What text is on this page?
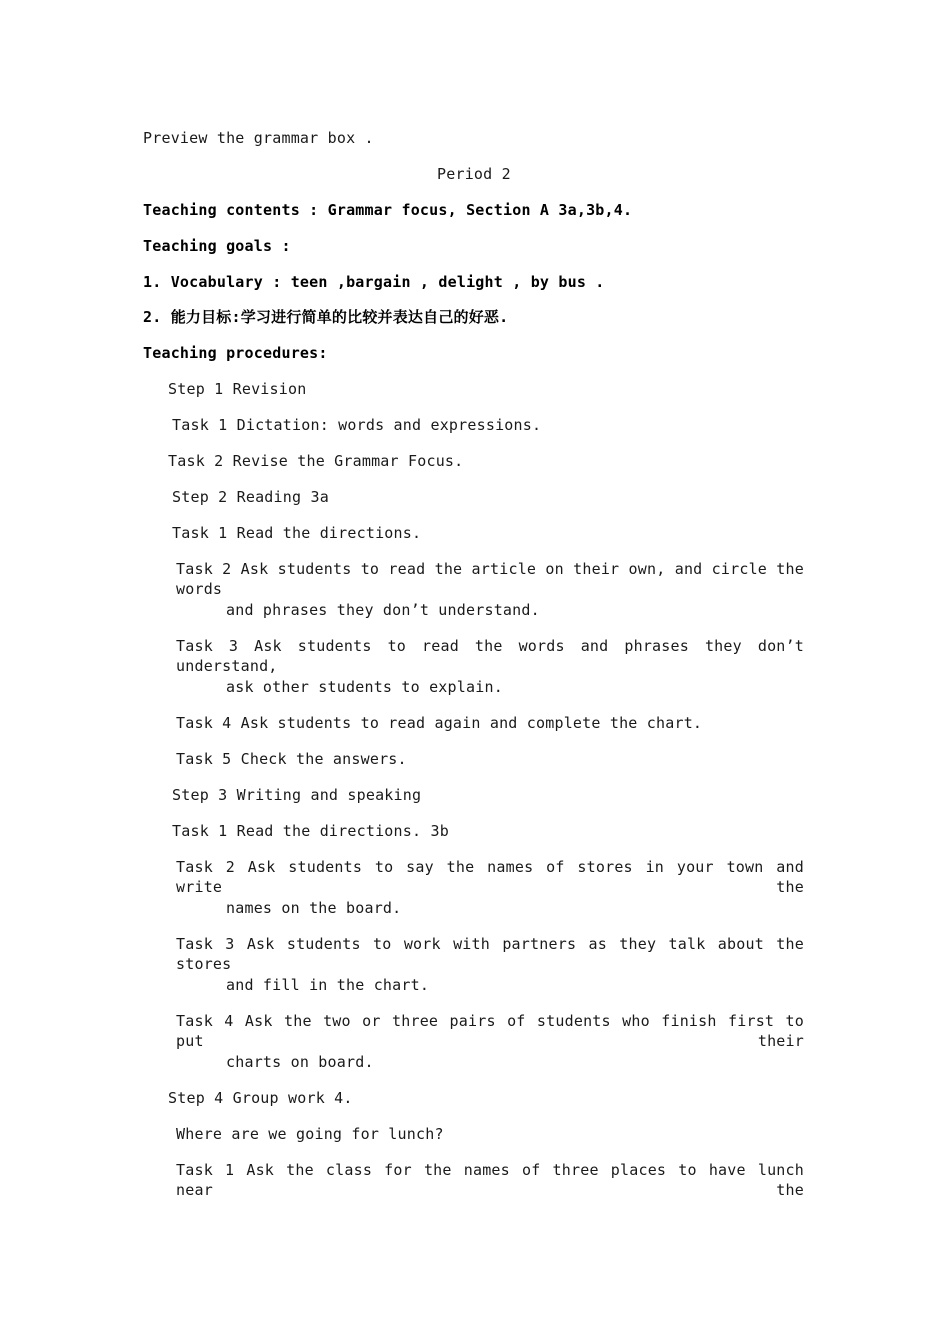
Preview the grammar box .
Period 2
Teaching contents : Grammar focus, Section A 3a,3b,4.
Teaching goals :
1. Vocabulary : teen ,bargain , delight , by bus .
2. 能力目标:学习进行简单的比较并表达自己的好恶.
Teaching procedures:
Step 1 Revision
Task 1 Dictation: words and expressions.
Task 2 Revise the Grammar Focus.
Step 2 Reading 3a
Task 1 Read the directions.
Task 2 Ask students to read the article on their own, and circle the words
and phrases they don’t understand.
Task 3 Ask students to read the words and phrases they don’t understand,
ask other students to explain.
Task 4 Ask students to read again and complete the chart.
Task 5 Check the answers.
Step 3 Writing and speaking
Task 1 Read the directions. 3b
Task 2 Ask students to say the names of stores in your town and write the
names on the board.
Task 3 Ask students to work with partners as they talk about the stores
and fill in the chart.
Task 4 Ask the two or three pairs of students who finish first to put their
charts on board.
Step 4 Group work 4.
Where are we going for lunch?
Task 1 Ask the class for the names of three places to have lunch near the
